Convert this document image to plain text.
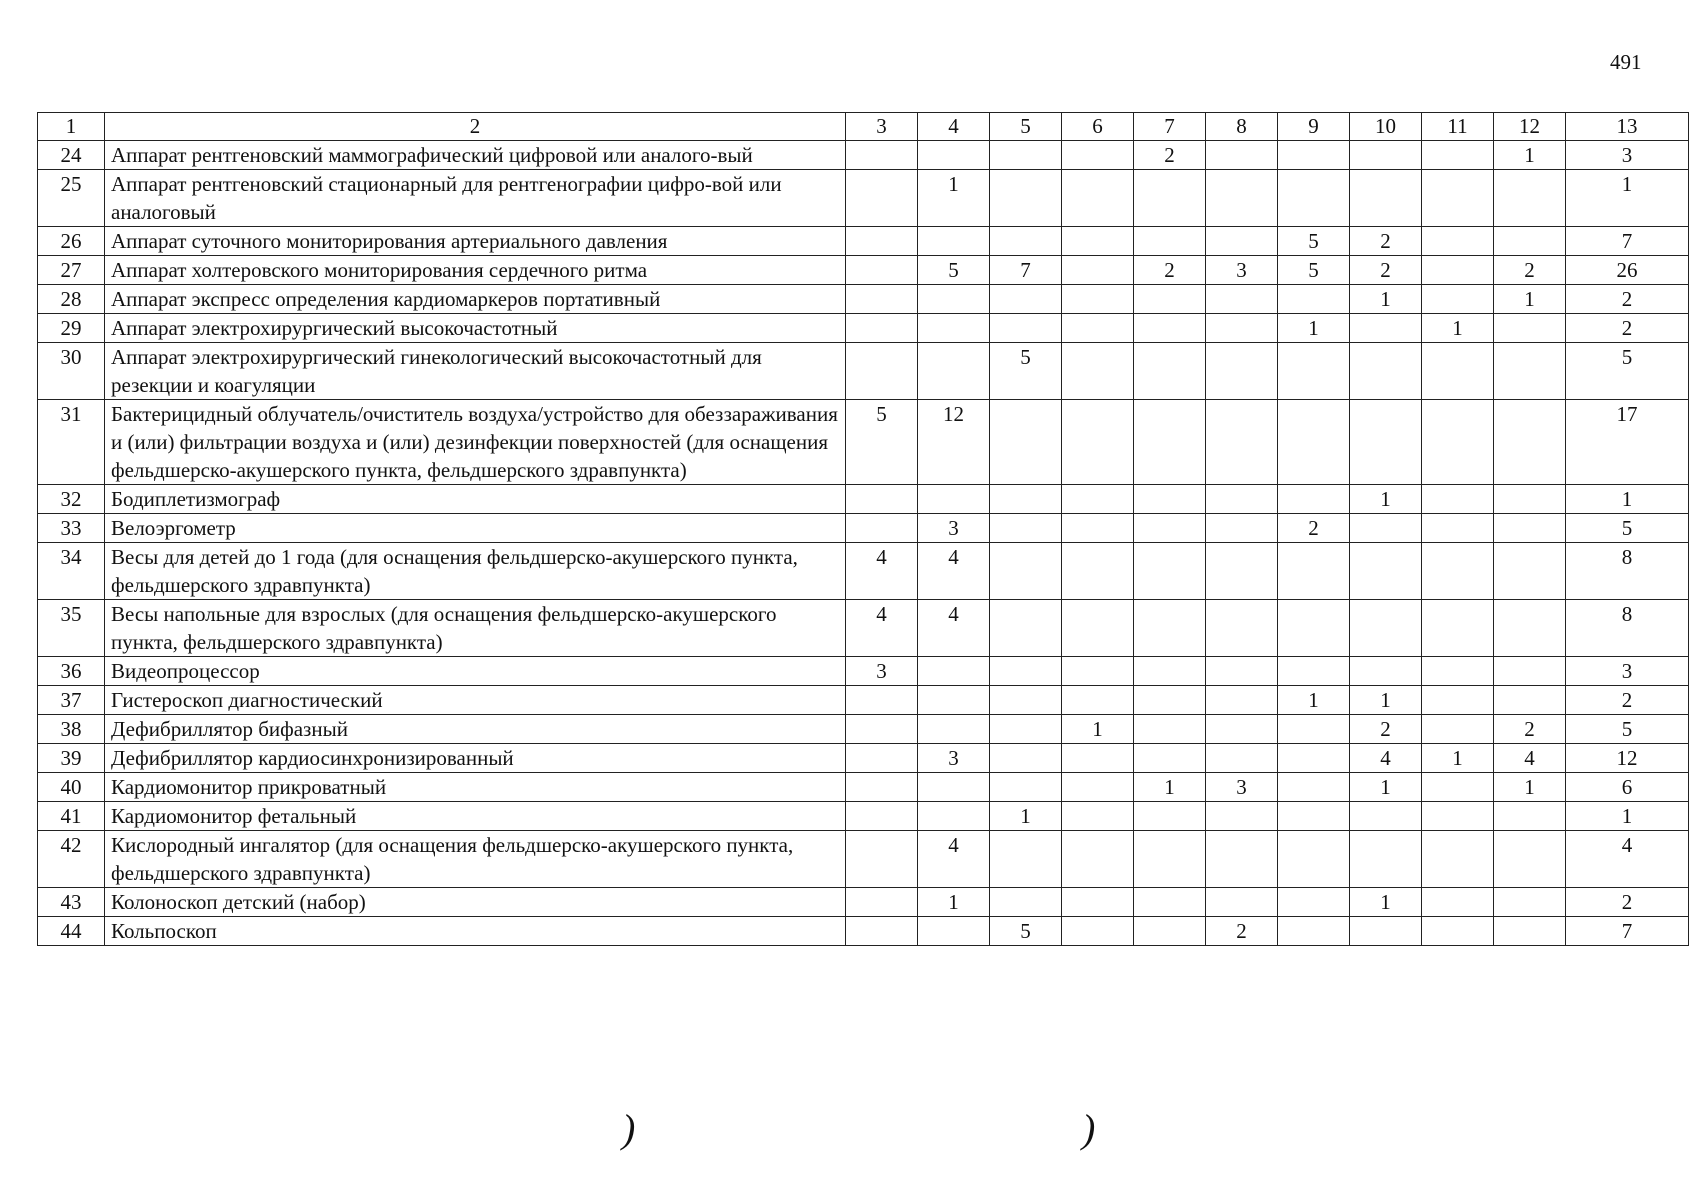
491
1	2	3	4	5	6	7	8	9	10	11	12	13
24	Аппарат рентгеновский маммографический цифровой или аналого-вый					2					1	3
25	Аппарат рентгеновский стационарный для рентгенографии цифро-вой или аналоговый		1									1
26	Аппарат суточного мониторирования артериального давления							5	2			7
27	Аппарат холтеровского мониторирования сердечного ритма		5	7		2	3	5	2		2	26
28	Аппарат экспресс определения кардиомаркеров портативный								1		1	2
29	Аппарат электрохирургический высокочастотный							1		1		2
30	Аппарат электрохирургический гинекологический высокочастотный для резекции и коагуляции			5								5
31	Бактерицидный облучатель/очиститель воздуха/устройство для обеззараживания и (или) фильтрации воздуха и (или) дезинфекции поверхностей (для оснащения фельдшерско-акушерского пункта, фельдшерского здравпункта)	5	12									17
32	Бодиплетизмограф								1			1
33	Велоэргометр		3					2				5
34	Весы для детей до 1 года (для оснащения фельдшерско-акушерского пункта, фельдшерского здравпункта)	4	4									8
35	Весы напольные для взрослых (для оснащения фельдшерско-акушерского пункта, фельдшерского здравпункта)	4	4									8
36	Видеопроцессор	3										3
37	Гистероскоп диагностический							1	1			2
38	Дефибриллятор бифазный				1				2		2	5
39	Дефибриллятор кардиосинхронизированный		3						4	1	4	12
40	Кардиомонитор прикроватный					1	3		1		1	6
41	Кардиомонитор фетальный			1								1
42	Кислородный ингалятор (для оснащения фельдшерско-акушерского пункта, фельдшерского здравпункта)		4									4
43	Колоноскоп детский (набор)		1						1			2
44	Кольпоскоп			5			2					7
)	)
